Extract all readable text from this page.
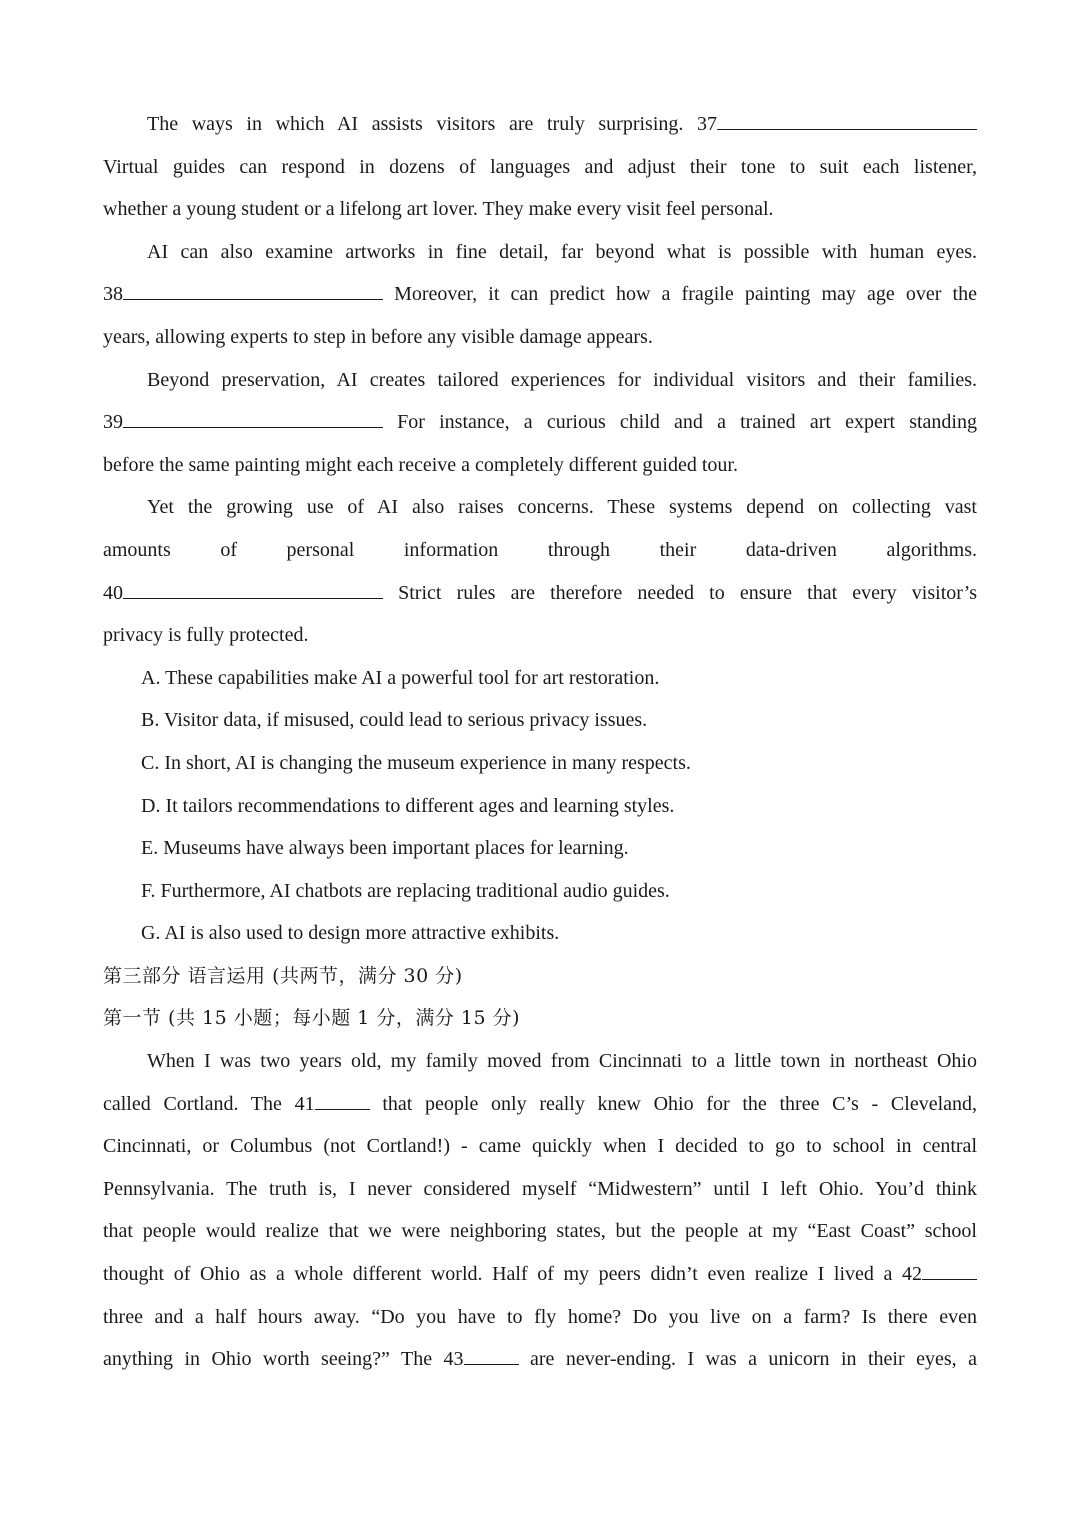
The ways in which AI assists visitors are truly surprising. 37
Virtual guides can respond in dozens of languages and adjust their tone to suit each listener,
whether a young student or a lifelong art lover. They make every visit feel personal.
AI can also examine artworks in fine detail, far beyond what is possible with human eyes.
38	Moreover, it can predict how a fragile painting may age over the
years, allowing experts to step in before any visible damage appears.
Beyond preservation, AI creates tailored experiences for individual visitors and their families.
39	For instance, a curious child and a trained art expert standing
before the same painting might each receive a completely different guided tour.
Yet the growing use of AI also raises concerns. These systems depend on collecting vast
amounts of personal information through their data-driven algorithms.
40	Strict rules are therefore needed to ensure that every visitor’s
privacy is fully protected.
A. These capabilities make AI a powerful tool for art restoration.
B. Visitor data, if misused, could lead to serious privacy issues.
C. In short, AI is changing the museum experience in many respects.
D. It tailors recommendations to different ages and learning styles.
E. Museums have always been important places for learning.
F. Furthermore, AI chatbots are replacing traditional audio guides.
G. AI is also used to design more attractive exhibits.
第三部分 语言运用 (共两节，满分 30 分)
第一节 (共 15 小题；每小题 1 分，满分 15 分)
When I was two years old, my family moved from Cincinnati to a little town in northeast Ohio
called Cortland. The 41	that people only really knew Ohio for the three C’s - Cleveland,
Cincinnati, or Columbus (not Cortland!) - came quickly when I decided to go to school in central
Pennsylvania. The truth is, I never considered myself “Midwestern” until I left Ohio. You’d think
that people would realize that we were neighboring states, but the people at my “East Coast” school
thought of Ohio as a whole different world. Half of my peers didn’t even realize I lived a 42
three and a half hours away. “Do you have to fly home? Do you live on a farm? Is there even
anything in Ohio worth seeing?” The 43	are never-ending. I was a unicorn in their eyes, a
